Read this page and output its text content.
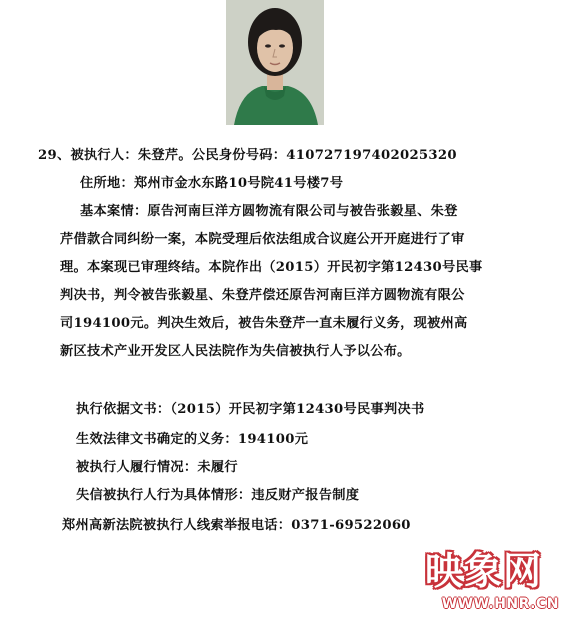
29、被执行人：朱登芹。公民身份号码：410727197402025320
住所地：郑州市金水东路10号院41号楼7号
基本案情：原告河南巨洋方圆物流有限公司与被告张毅星、朱登
芹借款合同纠纷一案，本院受理后依法组成合议庭公开开庭进行了审
理。本案现已审理终结。本院作出（2015）开民初字第12430号民事
判决书，判令被告张毅星、朱登芹偿还原告河南巨洋方圆物流有限公
司194100元。判决生效后，被告朱登芹一直未履行义务，现被州高
新区技术产业开发区人民法院作为失信被执行人予以公布。
执行依据文书：（2015）开民初字第12430号民事判决书
生效法律文书确定的义务：194100元
被执行人履行情况：未履行
失信被执行人行为具体情形：违反财产报告制度
郑州高新法院被执行人线索举报电话：0371-69522060
映象网
WWW.HNR.CN
